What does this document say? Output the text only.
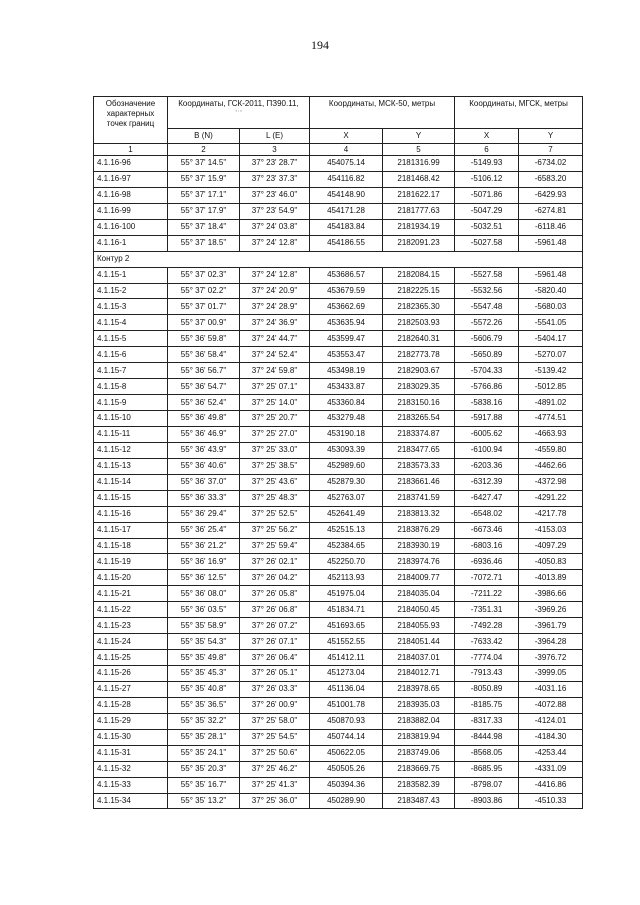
194
Обозначение характерных точек границ	Координаты, ГСК-2011, ПЗ90.11,
° ′ ″		Координаты, МСК-50, метры		Координаты, МГСК, метры	
	B (N)	L (E)	X	Y	X	Y
1	2	3	4	5	6	7
4.1.16-96	55° 37' 14.5"	37° 23' 28.7"	454075.14	2181316.99	-5149.93	-6734.02
4.1.16-97	55° 37' 15.9"	37° 23' 37.3"	454116.82	2181468.42	-5106.12	-6583.20
4.1.16-98	55° 37' 17.1"	37° 23' 46.0"	454148.90	2181622.17	-5071.86	-6429.93
4.1.16-99	55° 37' 17.9"	37° 23' 54.9"	454171.28	2181777.63	-5047.29	-6274.81
4.1.16-100	55° 37' 18.4"	37° 24' 03.8"	454183.84	2181934.19	-5032.51	-6118.46
4.1.16-1	55° 37' 18.5"	37° 24' 12.8"	454186.55	2182091.23	-5027.58	-5961.48
Контур 2						
4.1.15-1	55° 37' 02.3"	37° 24' 12.8"	453686.57	2182084.15	-5527.58	-5961.48
4.1.15-2	55° 37' 02.2"	37° 24' 20.9"	453679.59	2182225.15	-5532.56	-5820.40
4.1.15-3	55° 37' 01.7"	37° 24' 28.9"	453662.69	2182365.30	-5547.48	-5680.03
4.1.15-4	55° 37' 00.9"	37° 24' 36.9"	453635.94	2182503.93	-5572.26	-5541.05
4.1.15-5	55° 36' 59.8"	37° 24' 44.7"	453599.47	2182640.31	-5606.79	-5404.17
4.1.15-6	55° 36' 58.4"	37° 24' 52.4"	453553.47	2182773.78	-5650.89	-5270.07
4.1.15-7	55° 36' 56.7"	37° 24' 59.8"	453498.19	2182903.67	-5704.33	-5139.42
4.1.15-8	55° 36' 54.7"	37° 25' 07.1"	453433.87	2183029.35	-5766.86	-5012.85
4.1.15-9	55° 36' 52.4"	37° 25' 14.0"	453360.84	2183150.16	-5838.16	-4891.02
4.1.15-10	55° 36' 49.8"	37° 25' 20.7"	453279.48	2183265.54	-5917.88	-4774.51
4.1.15-11	55° 36' 46.9"	37° 25' 27.0"	453190.18	2183374.87	-6005.62	-4663.93
4.1.15-12	55° 36' 43.9"	37° 25' 33.0"	453093.39	2183477.65	-6100.94	-4559.80
4.1.15-13	55° 36' 40.6"	37° 25' 38.5"	452989.60	2183573.33	-6203.36	-4462.66
4.1.15-14	55° 36' 37.0"	37° 25' 43.6"	452879.30	2183661.46	-6312.39	-4372.98
4.1.15-15	55° 36' 33.3"	37° 25' 48.3"	452763.07	2183741.59	-6427.47	-4291.22
4.1.15-16	55° 36' 29.4"	37° 25' 52.5"	452641.49	2183813.32	-6548.02	-4217.78
4.1.15-17	55° 36' 25.4"	37° 25' 56.2"	452515.13	2183876.29	-6673.46	-4153.03
4.1.15-18	55° 36' 21.2"	37° 25' 59.4"	452384.65	2183930.19	-6803.16	-4097.29
4.1.15-19	55° 36' 16.9"	37° 26' 02.1"	452250.70	2183974.76	-6936.46	-4050.83
4.1.15-20	55° 36' 12.5"	37° 26' 04.2"	452113.93	2184009.77	-7072.71	-4013.89
4.1.15-21	55° 36' 08.0"	37° 26' 05.8"	451975.04	2184035.04	-7211.22	-3986.66
4.1.15-22	55° 36' 03.5"	37° 26' 06.8"	451834.71	2184050.45	-7351.31	-3969.26
4.1.15-23	55° 35' 58.9"	37° 26' 07.2"	451693.65	2184055.93	-7492.28	-3961.79
4.1.15-24	55° 35' 54.3"	37° 26' 07.1"	451552.55	2184051.44	-7633.42	-3964.28
4.1.15-25	55° 35' 49.8"	37° 26' 06.4"	451412.11	2184037.01	-7774.04	-3976.72
4.1.15-26	55° 35' 45.3"	37° 26' 05.1"	451273.04	2184012.71	-7913.43	-3999.05
4.1.15-27	55° 35' 40.8"	37° 26' 03.3"	451136.04	2183978.65	-8050.89	-4031.16
4.1.15-28	55° 35' 36.5"	37° 26' 00.9"	451001.78	2183935.03	-8185.75	-4072.88
4.1.15-29	55° 35' 32.2"	37° 25' 58.0"	450870.93	2183882.04	-8317.33	-4124.01
4.1.15-30	55° 35' 28.1"	37° 25' 54.5"	450744.14	2183819.94	-8444.98	-4184.30
4.1.15-31	55° 35' 24.1"	37° 25' 50.6"	450622.05	2183749.06	-8568.05	-4253.44
4.1.15-32	55° 35' 20.3"	37° 25' 46.2"	450505.26	2183669.75	-8685.95	-4331.09
4.1.15-33	55° 35' 16.7"	37° 25' 41.3"	450394.36	2183582.39	-8798.07	-4416.86
4.1.15-34	55° 35' 13.2"	37° 25' 36.0"	450289.90	2183487.43	-8903.86	-4510.33
